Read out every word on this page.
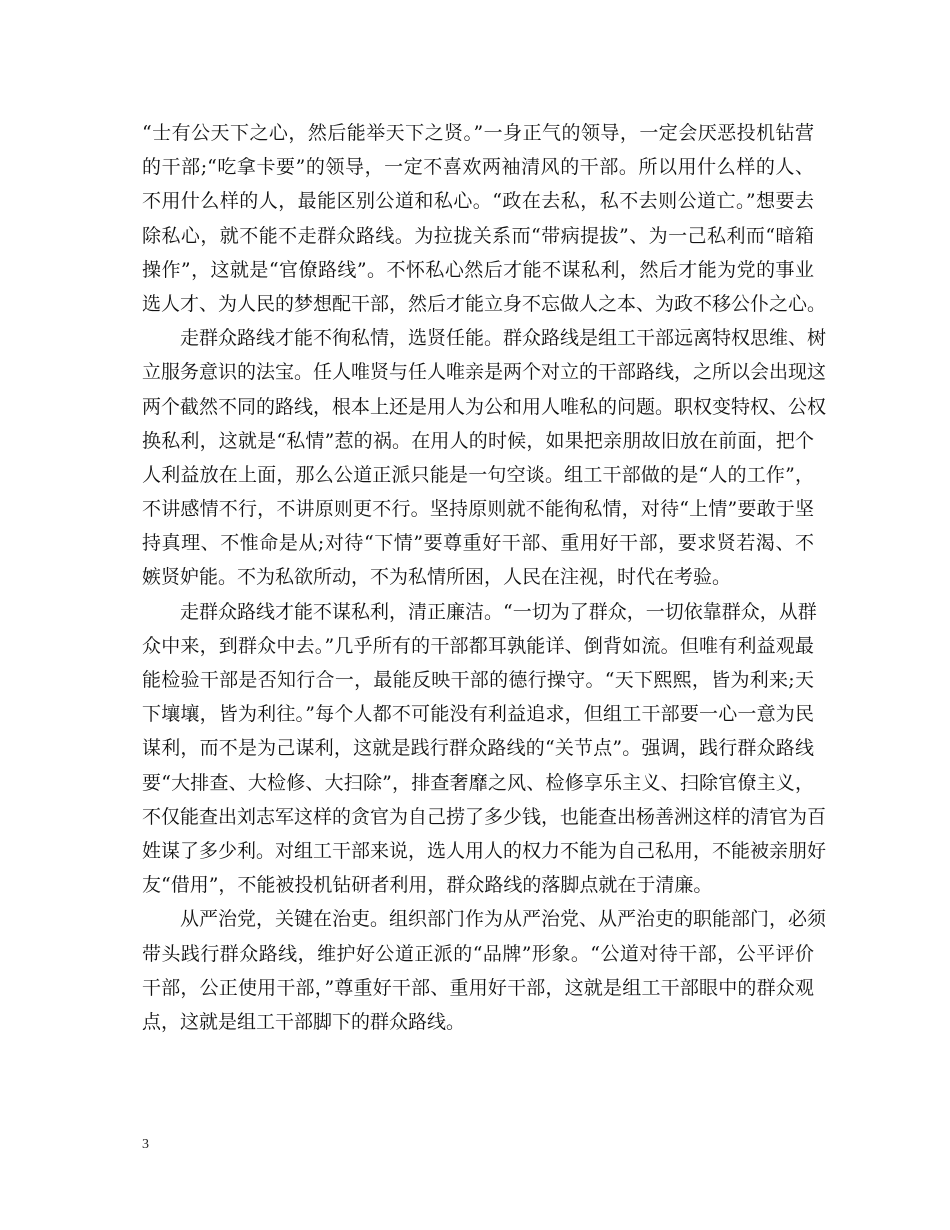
“士有公天下之心，然后能举天下之贤。”一身正气的领导，一定会厌恶投机钻营
的干部;“吃拿卡要”的领导，一定不喜欢两袖清风的干部。所以用什么样的人、
不用什么样的人，最能区别公道和私心。“政在去私，私不去则公道亡。”想要去
除私心，就不能不走群众路线。为拉拢关系而“带病提拔”、为一己私利而“暗箱
操作”，这就是“官僚路线”。不怀私心然后才能不谋私利，然后才能为党的事业
选人才、为人民的梦想配干部，然后才能立身不忘做人之本、为政不移公仆之心。
　　走群众路线才能不徇私情，选贤任能。群众路线是组工干部远离特权思维、树
立服务意识的法宝。任人唯贤与任人唯亲是两个对立的干部路线，之所以会出现这
两个截然不同的路线，根本上还是用人为公和用人唯私的问题。职权变特权、公权
换私利，这就是“私情”惹的祸。在用人的时候，如果把亲朋故旧放在前面，把个
人利益放在上面，那么公道正派只能是一句空谈。组工干部做的是“人的工作”，
不讲感情不行，不讲原则更不行。坚持原则就不能徇私情，对待“上情”要敢于坚
持真理、不惟命是从;对待“下情”要尊重好干部、重用好干部，要求贤若渴、不
嫉贤妒能。不为私欲所动，不为私情所困，人民在注视，时代在考验。
　　走群众路线才能不谋私利，清正廉洁。“一切为了群众，一切依靠群众，从群
众中来，到群众中去。”几乎所有的干部都耳孰能详、倒背如流。但唯有利益观最
能检验干部是否知行合一，最能反映干部的德行操守。“天下熙熙，皆为利来;天
下壤壤，皆为利往。”每个人都不可能没有利益追求，但组工干部要一心一意为民
谋利，而不是为己谋利，这就是践行群众路线的“关节点”。强调，践行群众路线
要“大排查、大检修、大扫除”，排查奢靡之风、检修享乐主义、扫除官僚主义，
不仅能查出刘志军这样的贪官为自己捞了多少钱，也能查出杨善洲这样的清官为百
姓谋了多少利。对组工干部来说，选人用人的权力不能为自己私用，不能被亲朋好
友“借用”，不能被投机钻研者利用，群众路线的落脚点就在于清廉。
　　从严治党，关键在治吏。组织部门作为从严治党、从严治吏的职能部门，必须
带头践行群众路线，维护好公道正派的“品牌”形象。“公道对待干部，公平评价
干部，公正使用干部，”尊重好干部、重用好干部，这就是组工干部眼中的群众观
点，这就是组工干部脚下的群众路线。
3
